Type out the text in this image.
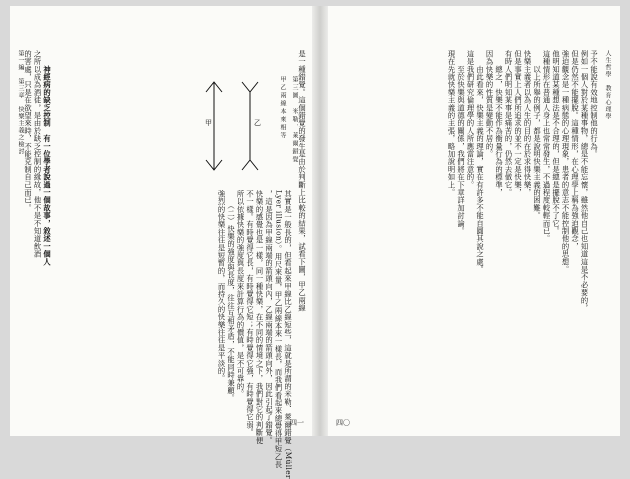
第一編　第三章　快樂主義之檢討
四一
是一種錯覺。這個錯覺的發生是由於判斷上比較的結果，試看下圖，甲乙兩線
第三圖　米勒．萊爾錯覺
甲乙兩線本來相等
甲	乙
其實是一般長的，但看起來甲線比乙線短些，這就是所謂的米勒．萊爾錯覺（Müller
Lyer illusion）。用尺來量，甲乙兩線本來一樣長，而我們看起來總覺得甲短乙長
，這是因為甲線兩端的箭頭向內，乙線兩端的箭頭向外，因此引起了錯覺。
快樂的感覺也是一樣，同一種快樂，在不同的情境之下，我們對它的判斷便
不一樣。有時覺得它長，有時覺得它短；有時覺得它強，有時覺得它弱。
所以依據快樂的強度與長度來計算行為的價值，是不可靠的。
　　（二）快樂的強度與長度，往往互相矛盾，不能同時兼顧。
強烈的快樂往往是短暫的，而持久的快樂往往是平淡的。
　　神經病的缺乏控制　有一位學者說過一個故事，敘述一個人
之所以成為酒徒，是由於缺乏控制的緣故，他不是不知道飲酒
的害處，只是在欲望來時，不能克制自己而已。	人生哲學　教育心理學
四〇
予不能說有效地控制他的行為。
例如一個人對於某種事物，總是不能忘懷，雖然他自己也知道這是不必要的，
但是仍然不能擺脫。這種情形，在心理學上稱為強迫觀念，
強迫觀念是一種病態的心理現象，患者的意志不能控制他的思想。
他明知道某種想法是不合理的，但是總是擺脫不了它。
這種情形在普通人身上也常常發生，不過程度較輕而已。
　　以上所舉的例子，都是說明快樂主義的困難。
快樂主義者以為人生的目的在於求得快樂，
但是事實上人們所追求的並不一定是快樂，
有時人們明知某事是痛苦的，仍然去做它。
　　總之，快樂不能作為衡量行為的標準，
因為快樂的性質是變動不居的。
　　由此看來，快樂主義的理論，實在有許多不能自圓其說之處。
這是我們研究倫理學的人所應當注意的。
　　至於快樂與道德的關係，我們將在下章詳加討論。
現在先就快樂主義的主張，略加說明如上。
